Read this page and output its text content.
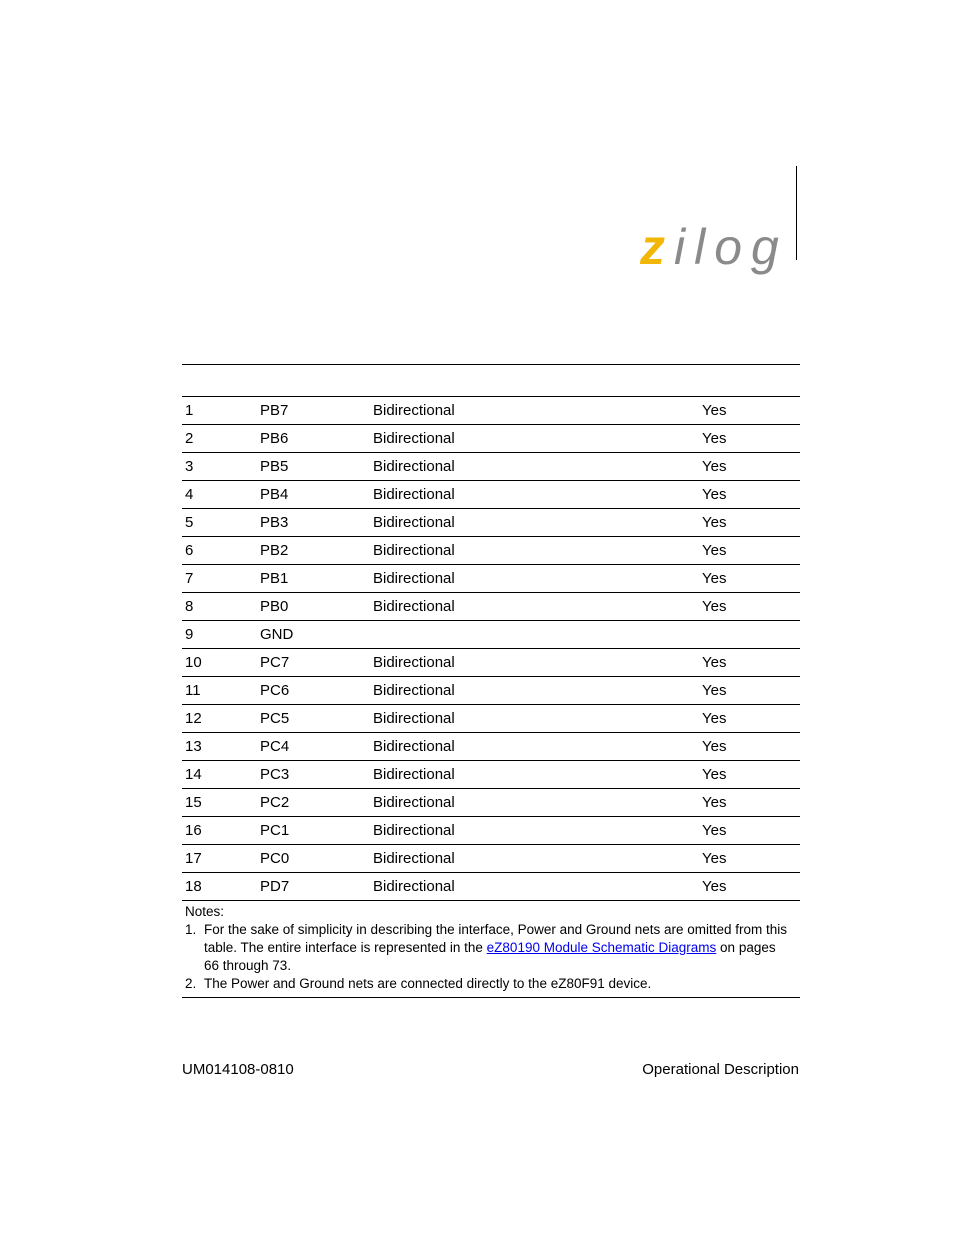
zilog
1	PB7	Bidirectional	Yes
2	PB6	Bidirectional	Yes
3	PB5	Bidirectional	Yes
4	PB4	Bidirectional	Yes
5	PB3	Bidirectional	Yes
6	PB2	Bidirectional	Yes
7	PB1	Bidirectional	Yes
8	PB0	Bidirectional	Yes
9	GND
10	PC7	Bidirectional	Yes
11	PC6	Bidirectional	Yes
12	PC5	Bidirectional	Yes
13	PC4	Bidirectional	Yes
14	PC3	Bidirectional	Yes
15	PC2	Bidirectional	Yes
16	PC1	Bidirectional	Yes
17	PC0	Bidirectional	Yes
18	PD7	Bidirectional	Yes
Notes:
1. For the sake of simplicity in describing the interface, Power and Ground nets are omitted from this table. The entire interface is represented in the eZ80190 Module Schematic Diagrams on pages 66 through 73.
2. The Power and Ground nets are connected directly to the eZ80F91 device.
UM014108-0810	Operational Description
